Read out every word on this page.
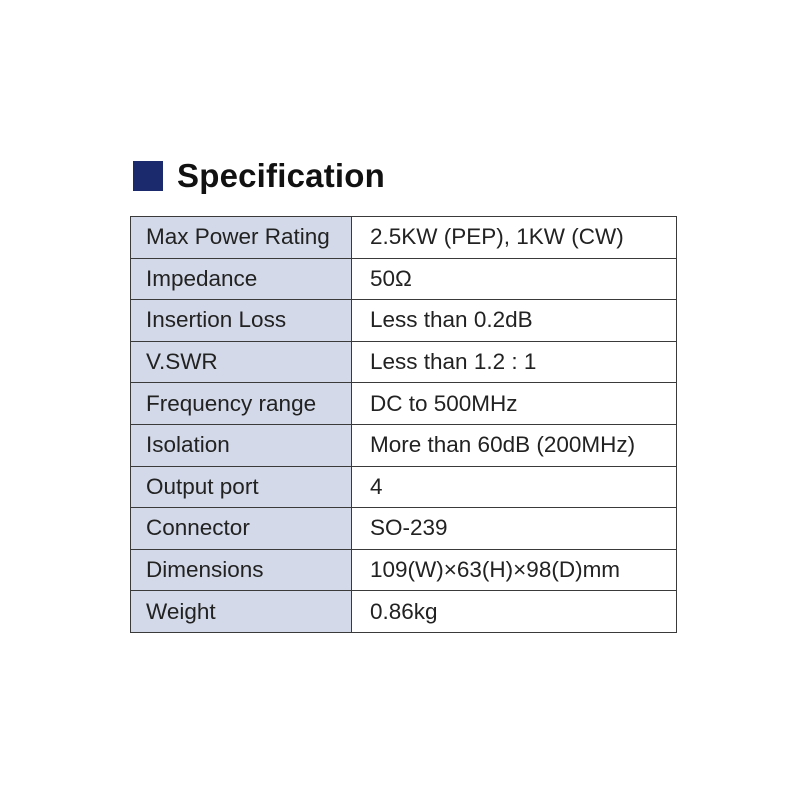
Specification
Max Power Rating	2.5KW (PEP), 1KW (CW)
Impedance	50Ω
Insertion Loss	Less than 0.2dB
V.SWR	Less than 1.2 : 1
Frequency range	DC to 500MHz
Isolation	More than 60dB (200MHz)
Output port	4
Connector	SO-239
Dimensions	109(W)×63(H)×98(D)mm
Weight	0.86kg
